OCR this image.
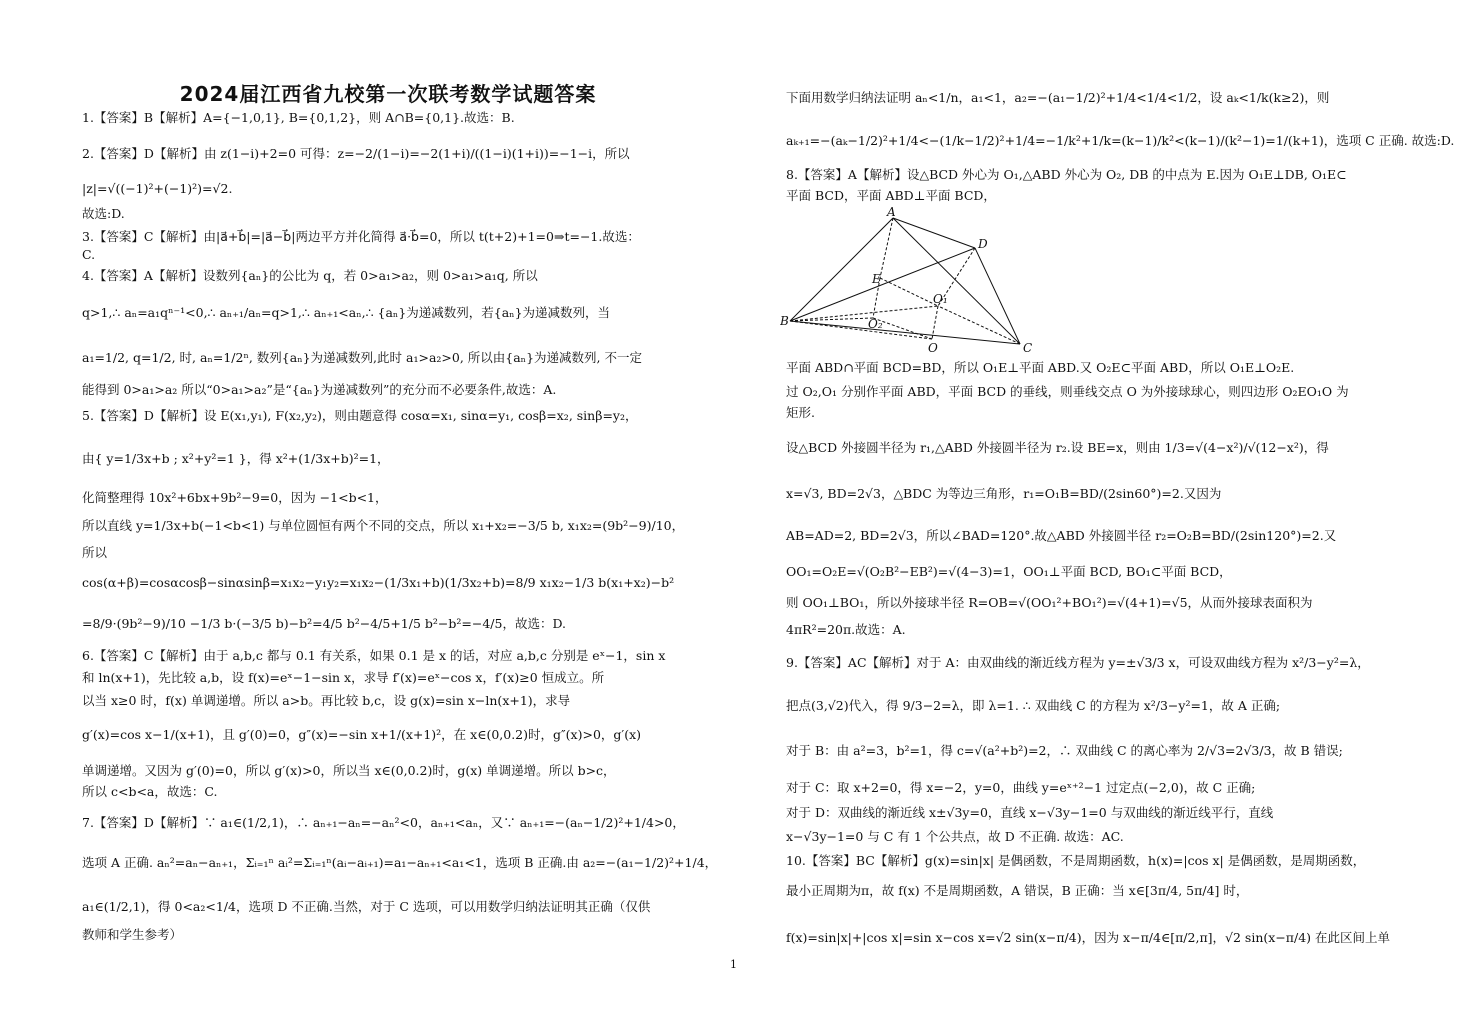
2024届江西省九校第一次联考数学试题答案
1.【答案】B【解析】A={−1,0,1}, B={0,1,2}，则 A∩B={0,1}.故选：B.
2.【答案】D【解析】由 z(1−i)+2=0 可得：z=−2/(1−i)=−2(1+i)/((1−i)(1+i))=−1−i，所以
|z|=√((−1)²+(−1)²)=√2.
故选:D.
3.【答案】C【解析】由|a⃗+b⃗|=|a⃗−b⃗|两边平方并化简得 a⃗·b⃗=0，所以 t(t+2)+1=0⇒t=−1.故选：
C.
4.【答案】A【解析】设数列{aₙ}的公比为 q，若 0>a₁>a₂，则 0>a₁>a₁q, 所以
q>1,∴ aₙ=a₁qⁿ⁻¹<0,∴ aₙ₊₁/aₙ=q>1,∴ aₙ₊₁<aₙ,∴ {aₙ}为递减数列，若{aₙ}为递减数列，当
a₁=1/2, q=1/2, 时, aₙ=1/2ⁿ, 数列{aₙ}为递减数列,此时 a₁>a₂>0, 所以由{aₙ}为递减数列, 不一定
能得到 0>a₁>a₂ 所以“0>a₁>a₂”是“{aₙ}为递减数列”的充分而不必要条件,故选：A.
5.【答案】D【解析】设 E(x₁,y₁), F(x₂,y₂)，则由题意得 cosα=x₁, sinα=y₁, cosβ=x₂, sinβ=y₂，
由{ y=1/3x+b ; x²+y²=1 }，得 x²+(1/3x+b)²=1，
化简整理得 10x²+6bx+9b²−9=0，因为 −1<b<1，
所以直线 y=1/3x+b(−1<b<1) 与单位圆恒有两个不同的交点，所以 x₁+x₂=−3/5 b, x₁x₂=(9b²−9)/10，
所以
cos(α+β)=cosαcosβ−sinαsinβ=x₁x₂−y₁y₂=x₁x₂−(1/3x₁+b)(1/3x₂+b)=8/9 x₁x₂−1/3 b(x₁+x₂)−b²
=8/9·(9b²−9)/10 −1/3 b·(−3/5 b)−b²=4/5 b²−4/5+1/5 b²−b²=−4/5，故选：D.
6.【答案】C【解析】由于 a,b,c 都与 0.1 有关系，如果 0.1 是 x 的话，对应 a,b,c 分别是 eˣ−1，sin x
和 ln(x+1)，先比较 a,b，设 f(x)=eˣ−1−sin x，求导 f′(x)=eˣ−cos x，f′(x)≥0 恒成立。所
以当 x≥0 时，f(x) 单调递增。所以 a>b。再比较 b,c，设 g(x)=sin x−ln(x+1)，求导
g′(x)=cos x−1/(x+1)，且 g′(0)=0，g″(x)=−sin x+1/(x+1)²，在 x∈(0,0.2)时，g″(x)>0，g′(x)
单调递增。又因为 g′(0)=0，所以 g′(x)>0，所以当 x∈(0,0.2)时，g(x) 单调递增。所以 b>c，
所以 c<b<a，故选：C.
7.【答案】D【解析】∵ a₁∈(1/2,1)，∴ aₙ₊₁−aₙ=−aₙ²<0，aₙ₊₁<aₙ，又∵ aₙ₊₁=−(aₙ−1/2)²+1/4>0，
选项 A 正确. aₙ²=aₙ−aₙ₊₁，Σᵢ₌₁ⁿ aᵢ²=Σᵢ₌₁ⁿ(aᵢ−aᵢ₊₁)=a₁−aₙ₊₁<a₁<1，选项 B 正确.由 a₂=−(a₁−1/2)²+1/4，
a₁∈(1/2,1)，得 0<a₂<1/4，选项 D 不正确.当然，对于 C 选项，可以用数学归纳法证明其正确（仅供
教师和学生参考）
下面用数学归纳法证明 aₙ<1/n，a₁<1，a₂=−(a₁−1/2)²+1/4<1/4<1/2，设 aₖ<1/k(k≥2)，则
aₖ₊₁=−(aₖ−1/2)²+1/4<−(1/k−1/2)²+1/4=−1/k²+1/k=(k−1)/k²<(k−1)/(k²−1)=1/(k+1)，选项 C 正确. 故选:D.
8.【答案】A【解析】设△BCD 外心为 O₁,△ABD 外心为 O₂, DB 的中点为 E.因为 O₁E⊥DB, O₁E⊂
平面 BCD，平面 ABD⊥平面 BCD，
平面 ABD∩平面 BCD=BD，所以 O₁E⊥平面 ABD.又 O₂E⊂平面 ABD，所以 O₁E⊥O₂E.
过 O₂,O₁ 分别作平面 ABD，平面 BCD 的垂线，则垂线交点 O 为外接球球心，则四边形 O₂EO₁O 为
矩形.
设△BCD 外接圆半径为 r₁,△ABD 外接圆半径为 r₂.设 BE=x，则由 1/3=√(4−x²)/√(12−x²)，得
x=√3, BD=2√3，△BDC 为等边三角形，r₁=O₁B=BD/(2sin60°)=2.又因为
AB=AD=2, BD=2√3，所以∠BAD=120°.故△ABD 外接圆半径 r₂=O₂B=BD/(2sin120°)=2.又
OO₁=O₂E=√(O₂B²−EB²)=√(4−3)=1，OO₁⊥平面 BCD, BO₁⊂平面 BCD，
则 OO₁⊥BO₁，所以外接球半径 R=OB=√(OO₁²+BO₁²)=√(4+1)=√5，从而外接球表面积为
4πR²=20π.故选：A.
9.【答案】AC【解析】对于 A：由双曲线的渐近线方程为 y=±√3/3 x，可设双曲线方程为 x²/3−y²=λ，
把点(3,√2)代入，得 9/3−2=λ，即 λ=1. ∴ 双曲线 C 的方程为 x²/3−y²=1，故 A 正确;
对于 B：由 a²=3，b²=1，得 c=√(a²+b²)=2，∴ 双曲线 C 的离心率为 2/√3=2√3/3，故 B 错误;
对于 C：取 x+2=0，得 x=−2，y=0，曲线 y=eˣ⁺²−1 过定点(−2,0)，故 C 正确;
对于 D：双曲线的渐近线 x±√3y=0，直线 x−√3y−1=0 与双曲线的渐近线平行，直线
x−√3y−1=0 与 C 有 1 个公共点，故 D 不正确. 故选：AC.
10.【答案】BC【解析】g(x)=sin|x| 是偶函数，不是周期函数，h(x)=|cos x| 是偶函数，是周期函数，
最小正周期为π，故 f(x) 不是周期函数，A 错误，B 正确：当 x∈[3π/4, 5π/4] 时，
f(x)=sin|x|+|cos x|=sin x−cos x=√2 sin(x−π/4)，因为 x−π/4∈[π/2,π]，√2 sin(x−π/4) 在此区间上单
A
B
C
D
E
O
O₁
O₂
1
